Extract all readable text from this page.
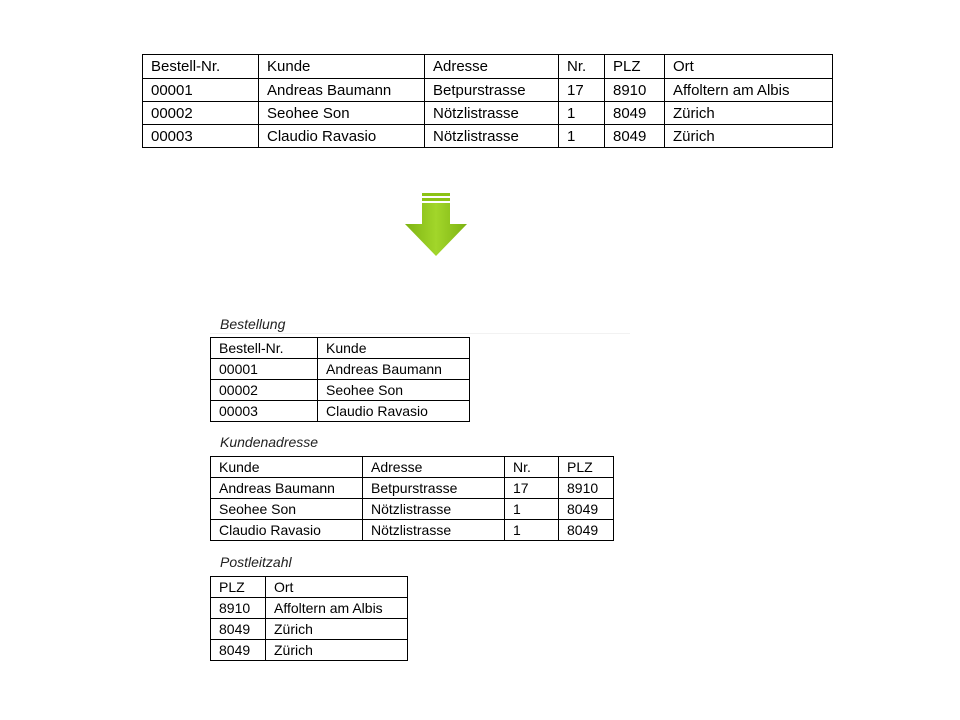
Bestell-Nr.	Kunde	Adresse	Nr.	PLZ	Ort
00001	Andreas Baumann	Betpurstrasse	17	8910	Affoltern am Albis
00002	Seohee Son	Nötzlistrasse	1	8049	Zürich
00003	Claudio Ravasio	Nötzlistrasse	1	8049	Zürich
Bestellung
Bestell-Nr.	Kunde
00001	Andreas Baumann
00002	Seohee Son
00003	Claudio Ravasio
Kundenadresse
Kunde	Adresse	Nr.	PLZ
Andreas Baumann	Betpurstrasse	17	8910
Seohee Son	Nötzlistrasse	1	8049
Claudio Ravasio	Nötzlistrasse	1	8049
Postleitzahl
PLZ	Ort
8910	Affoltern am Albis
8049	Zürich
8049	Zürich
